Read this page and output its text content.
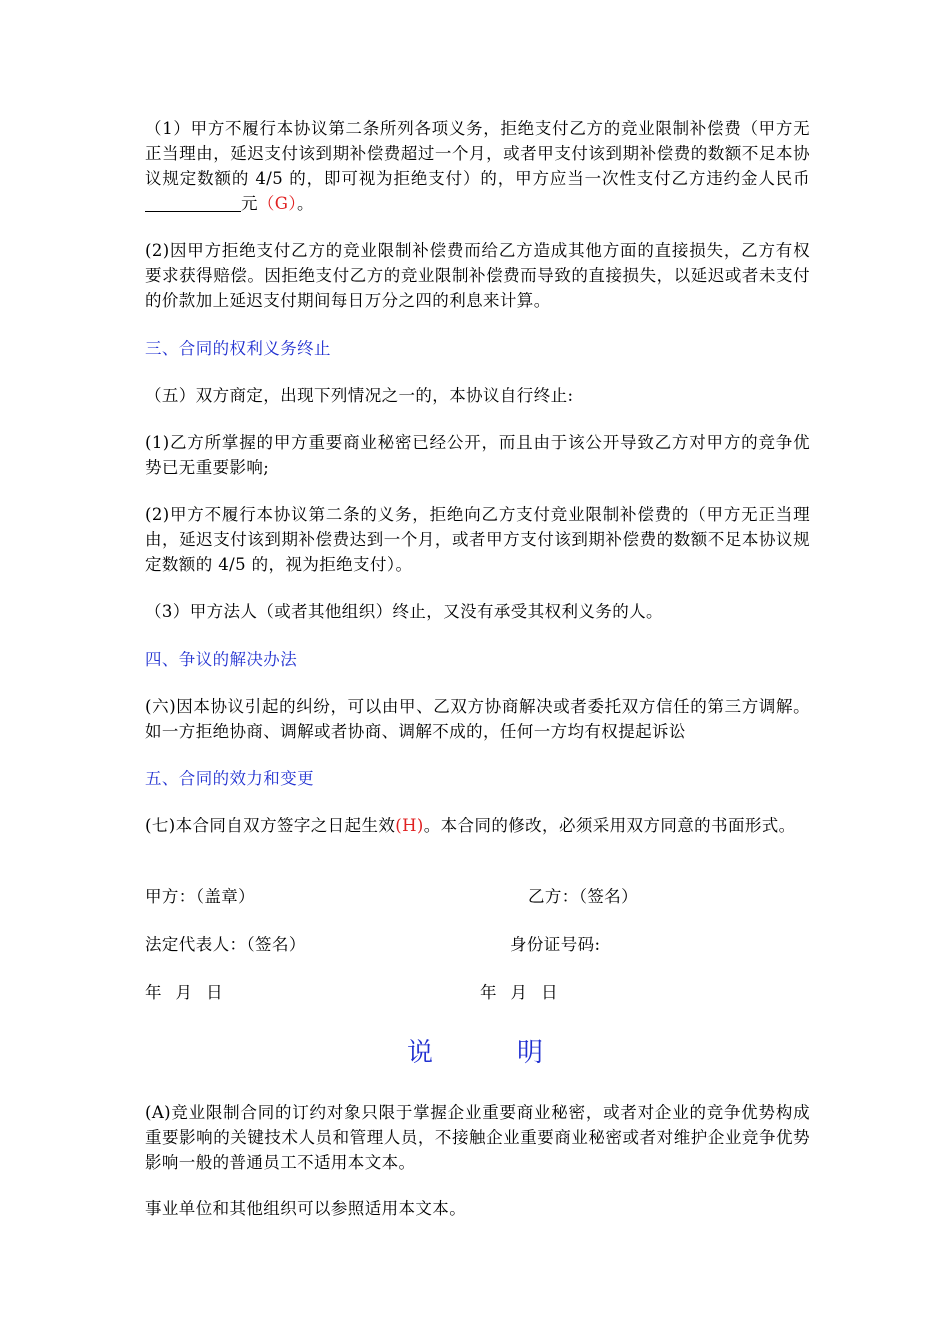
（1）甲方不履行本协议第二条所列各项义务，拒绝支付乙方的竞业限制补偿费（甲方无正当理由，延迟支付该到期补偿费超过一个月，或者甲支付该到期补偿费的数额不足本协议规定数额的 4/5 的，即可视为拒绝支付）的，甲方应当一次性支付乙方违约金人民币元（G）。

(2)因甲方拒绝支付乙方的竞业限制补偿费而给乙方造成其他方面的直接损失，乙方有权要求获得赔偿。因拒绝支付乙方的竞业限制补偿费而导致的直接损失，以延迟或者未支付的价款加上延迟支付期间每日万分之四的利息来计算。

三、合同的权利义务终止

（五）双方商定，出现下列情况之一的，本协议自行终止:

(1)乙方所掌握的甲方重要商业秘密已经公开，而且由于该公开导致乙方对甲方的竞争优势已无重要影响;

(2)甲方不履行本协议第二条的义务，拒绝向乙方支付竞业限制补偿费的（甲方无正当理由，延迟支付该到期补偿费达到一个月，或者甲方支付该到期补偿费的数额不足本协议规定数额的 4/5 的，视为拒绝支付）。

（3）甲方法人（或者其他组织）终止，又没有承受其权利义务的人。

四、争议的解决办法

(六)因本协议引起的纠纷，可以由甲、乙双方协商解决或者委托双方信任的第三方调解。如一方拒绝协商、调解或者协商、调解不成的，任何一方均有权提起诉讼

五、合同的效力和变更

(七)本合同自双方签字之日起生效(H)。本合同的修改，必须采用双方同意的书面形式。

甲方：（盖章）	乙方：（签名）

法定代表人：（签名）	身份证号码:

年 月 日	年 月 日

说	明

(A)竞业限制合同的订约对象只限于掌握企业重要商业秘密，或者对企业的竞争优势构成重要影响的关键技术人员和管理人员，不接触企业重要商业秘密或者对维护企业竞争优势影响一般的普通员工不适用本文本。

事业单位和其他组织可以参照适用本文本。
